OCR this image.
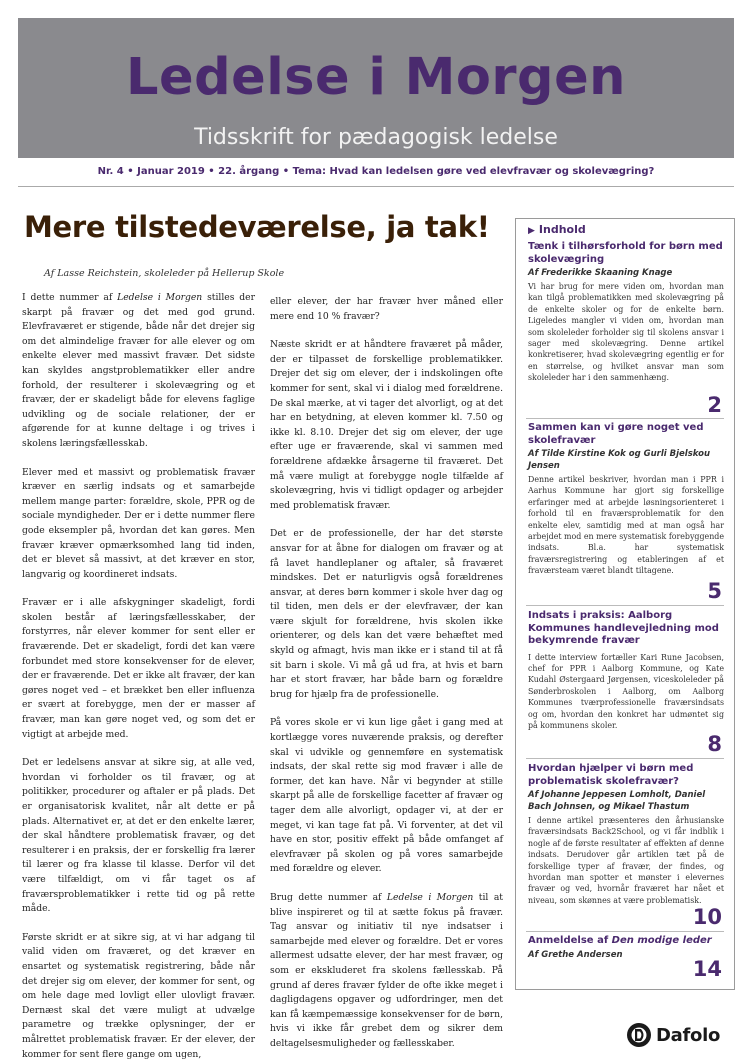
Ledelse i Morgen
Tidsskrift for pædagogisk ledelse
Nr. 4 • Januar 2019 • 22. årgang • Tema: Hvad kan ledelsen gøre ved elevfravær og skolevægring?
Mere tilstedeværelse, ja tak!
Af Lasse Reichstein, skoleleder på Hellerup Skole

I dette nummer af Ledelse i Morgen stilles der skarpt på fravær og det med god grund. Elevfraværet er stigende, både når det drejer sig om det almindelige fravær for alle elever og om enkelte elever med massivt fravær. Det sidste kan skyldes angstproblematikker eller andre forhold, der resulterer i skolevægring og et fravær, der er skadeligt både for elevens faglige udvikling og de sociale relationer, der er afgørende for at kunne deltage i og trives i skolens læringsfællesskab.

Elever med et massivt og problematisk fravær kræver en særlig indsats og et samarbejde mellem mange parter: forældre, skole, PPR og de sociale myndigheder. Der er i dette nummer flere gode eksempler på, hvordan det kan gøres. Men fravær kræver opmærksomhed lang tid inden, det er blevet så massivt, at det kræver en stor, langvarig og koordineret indsats.

Fravær er i alle afskygninger skadeligt, fordi skolen består af læringsfællesskaber, der forstyrres, når elever kommer for sent eller er fraværende. Det er skadeligt, fordi det kan være forbundet med store konsekvenser for de elever, der er fraværende. Det er ikke alt fravær, der kan gøres noget ved – et brækket ben eller influenza er svært at forebygge, men der er masser af fravær, man kan gøre noget ved, og som det er vigtigt at arbejde med.

Det er ledelsens ansvar at sikre sig, at alle ved, hvordan vi forholder os til fravær, og at politikker, procedurer og aftaler er på plads. Det er organisatorisk kvalitet, når alt dette er på plads. Alternativet er, at det er den enkelte lærer, der skal håndtere problematisk fravær, og det resulterer i en praksis, der er forskellig fra lærer til lærer og fra klasse til klasse. Derfor vil det være tilfældigt, om vi får taget os af fraværsproblematikker i rette tid og på rette måde.

Første skridt er at sikre sig, at vi har adgang til valid viden om fraværet, og det kræver en ensartet og systematisk registrering, både når det drejer sig om elever, der kommer for sent, og om hele dage med lovligt eller ulovligt fravær. Dernæst skal det være muligt at udvælge parametre og trække oplysninger, der er målrettet problematisk fravær. Er der elever, der kommer for sent flere gange om ugen,

eller elever, der har fravær hver måned eller mere end 10 % fravær?

Næste skridt er at håndtere fraværet på måder, der er tilpasset de forskellige problematikker. Drejer det sig om elever, der i indskolingen ofte kommer for sent, skal vi i dialog med forældrene. De skal mærke, at vi tager det alvorligt, og at det har en betydning, at eleven kommer kl. 7.50 og ikke kl. 8.10. Drejer det sig om elever, der uge efter uge er fraværende, skal vi sammen med forældrene afdække årsagerne til fraværet. Det må være muligt at forebygge nogle tilfælde af skolevægring, hvis vi tidligt opdager og arbejder med problematisk fravær.

Det er de professionelle, der har det største ansvar for at åbne for dialogen om fravær og at få lavet handleplaner og aftaler, så fraværet mindskes. Det er naturligvis også forældrenes ansvar, at deres børn kommer i skole hver dag og til tiden, men dels er der elevfravær, der kan være skjult for forældrene, hvis skolen ikke orienterer, og dels kan det være behæftet med skyld og afmagt, hvis man ikke er i stand til at få sit barn i skole. Vi må gå ud fra, at hvis et barn har et stort fravær, har både barn og forældre brug for hjælp fra de professionelle.

På vores skole er vi kun lige gået i gang med at kortlægge vores nuværende praksis, og derefter skal vi udvikle og gennemføre en systematisk indsats, der skal rette sig mod fravær i alle de former, det kan have. Når vi begynder at stille skarpt på alle de forskellige facetter af fravær og tager dem alle alvorligt, opdager vi, at der er meget, vi kan tage fat på. Vi forventer, at det vil have en stor, positiv effekt på både omfanget af elevfravær på skolen og på vores samarbejde med forældre og elever.

Brug dette nummer af Ledelse i Morgen til at blive inspireret og til at sætte fokus på fravær. Tag ansvar og initiativ til nye indsatser i samarbejde med elever og forældre. Det er vores allermest udsatte elever, der har mest fravær, og som er ekskluderet fra skolens fællesskab. På grund af deres fravær fylder de ofte ikke meget i dagligdagens opgaver og udfordringer, men det kan få kæmpemæssige konsekvenser for de børn, hvis vi ikke får grebet dem og sikrer dem deltagelsesmuligheder og fællesskaber.

▶ Indhold
Tænk i tilhørsforhold for børn med skolevægring
Af Frederikke Skaaning Knage
Vi har brug for mere viden om, hvordan man kan tilgå problematikken med skolevægring på de enkelte skoler og for de enkelte børn. Ligeledes mangler vi viden om, hvordan man som skoleleder forholder sig til skolens ansvar i sager med skolevægring. Denne artikel konkretiserer, hvad skolevægring egentlig er for en størrelse, og hvilket ansvar man som skoleleder har i den sammenhæng.
2
Sammen kan vi gøre noget ved skolefravær
Af Tilde Kirstine Kok og Gurli Bjelskou Jensen
Denne artikel beskriver, hvordan man i PPR i Aarhus Kommune har gjort sig forskellige erfaringer med at arbejde løsningsorienteret i forhold til en fraværsproblematik for den enkelte elev, samtidig med at man også har arbejdet mod en mere systematisk forebyggende indsats. Bl.a. har systematisk fraværsregistrering og etableringen af et fraværsteam været blandt tiltagene.
5
Indsats i praksis: Aalborg Kommunes handlevejledning mod bekymrende fravær
I dette interview fortæller Kari Rune Jacobsen, chef for PPR i Aalborg Kommune, og Kate Kudahl Østergaard Jørgensen, viceskoleleder på Sønderbroskolen i Aalborg, om Aalborg Kommunes tværprofessionelle fraværsindsats og om, hvordan den konkret har udmøntet sig på kommunens skoler.
8
Hvordan hjælper vi børn med problematisk skolefravær?
Af Johanne Jeppesen Lomholt, Daniel Bach Johnsen, og Mikael Thastum
I denne artikel præsenteres den århusianske fraværsindsats Back2School, og vi får indblik i nogle af de første resultater af effekten af denne indsats. Derudover går artiklen tæt på de forskellige typer af fravær, der findes, og hvordan man spotter et mønster i elevernes fravær og ved, hvornår fraværet har nået et niveau, som skønnes at være problematisk.
10
Anmeldelse af Den modige leder
Af Grethe Andersen
14
Dafolo
